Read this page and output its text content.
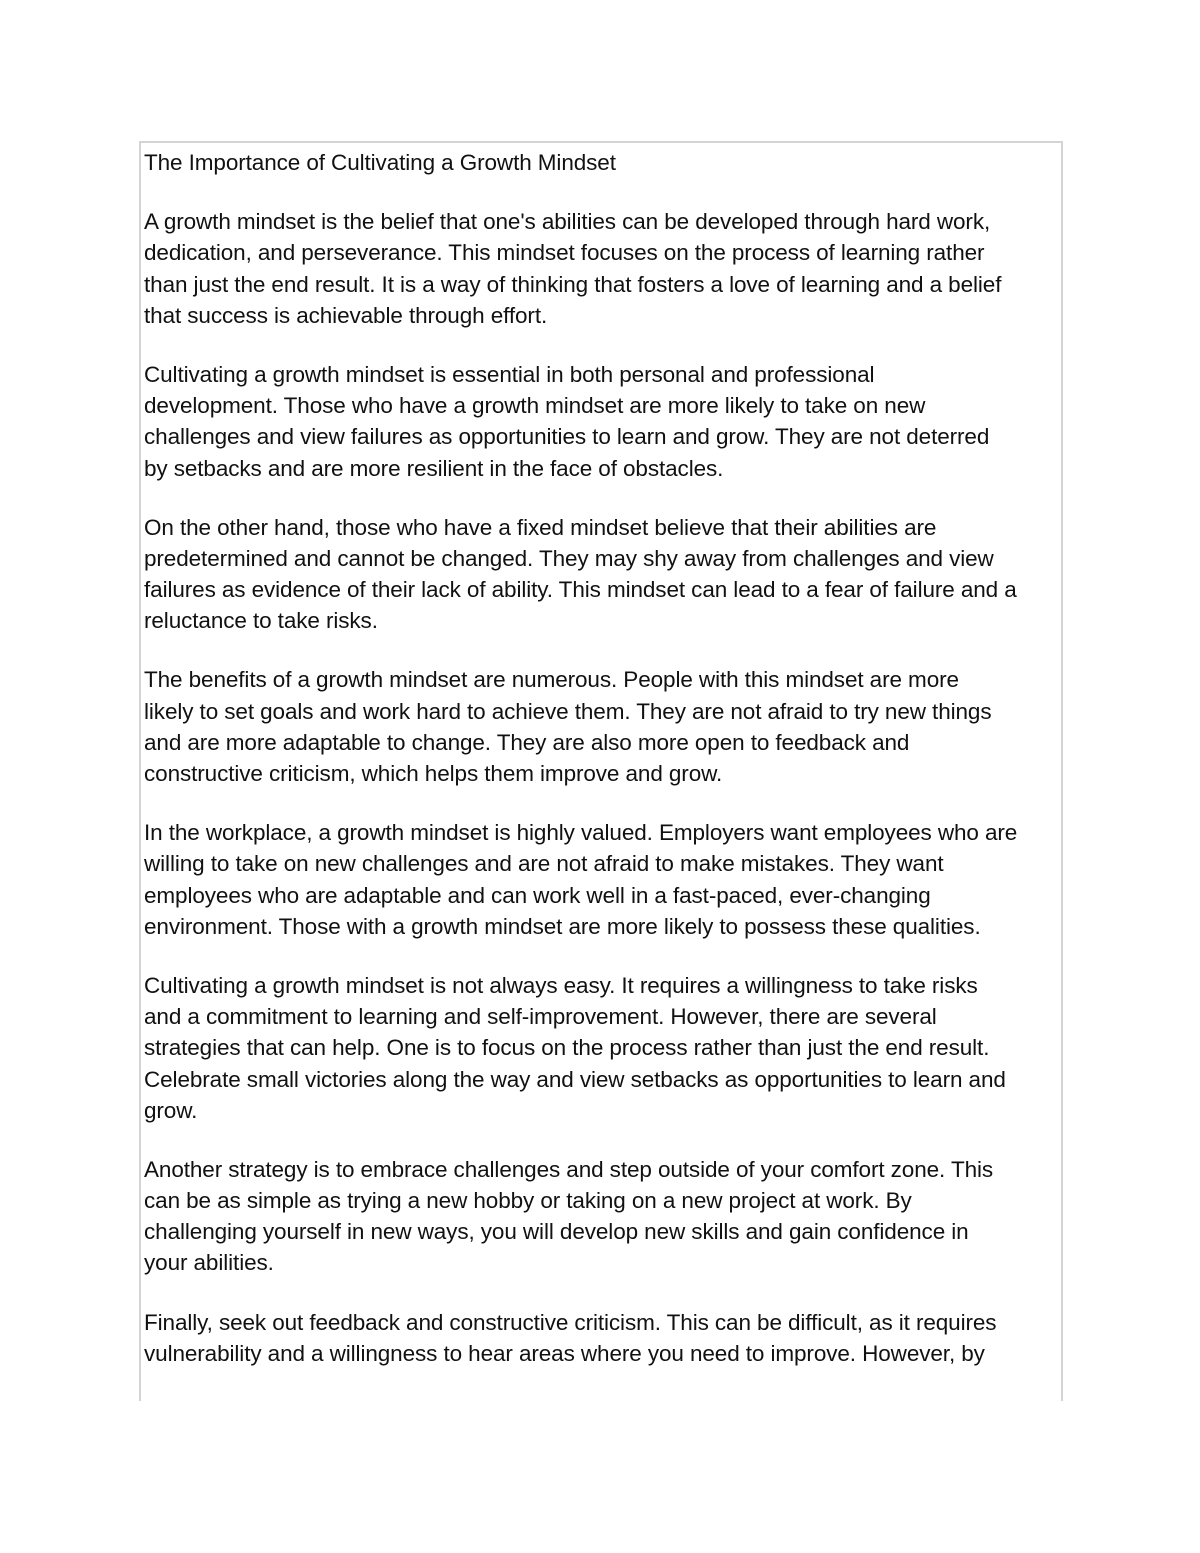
The Importance of Cultivating a Growth Mindset
A growth mindset is the belief that one's abilities can be developed through hard work,
dedication, and perseverance. This mindset focuses on the process of learning rather
than just the end result. It is a way of thinking that fosters a love of learning and a belief
that success is achievable through effort.
Cultivating a growth mindset is essential in both personal and professional
development. Those who have a growth mindset are more likely to take on new
challenges and view failures as opportunities to learn and grow. They are not deterred
by setbacks and are more resilient in the face of obstacles.
On the other hand, those who have a fixed mindset believe that their abilities are
predetermined and cannot be changed. They may shy away from challenges and view
failures as evidence of their lack of ability. This mindset can lead to a fear of failure and a
reluctance to take risks.
The benefits of a growth mindset are numerous. People with this mindset are more
likely to set goals and work hard to achieve them. They are not afraid to try new things
and are more adaptable to change. They are also more open to feedback and
constructive criticism, which helps them improve and grow.
In the workplace, a growth mindset is highly valued. Employers want employees who are
willing to take on new challenges and are not afraid to make mistakes. They want
employees who are adaptable and can work well in a fast-paced, ever-changing
environment. Those with a growth mindset are more likely to possess these qualities.
Cultivating a growth mindset is not always easy. It requires a willingness to take risks
and a commitment to learning and self-improvement. However, there are several
strategies that can help. One is to focus on the process rather than just the end result.
Celebrate small victories along the way and view setbacks as opportunities to learn and
grow.
Another strategy is to embrace challenges and step outside of your comfort zone. This
can be as simple as trying a new hobby or taking on a new project at work. By
challenging yourself in new ways, you will develop new skills and gain confidence in
your abilities.
Finally, seek out feedback and constructive criticism. This can be difficult, as it requires
vulnerability and a willingness to hear areas where you need to improve. However, by
